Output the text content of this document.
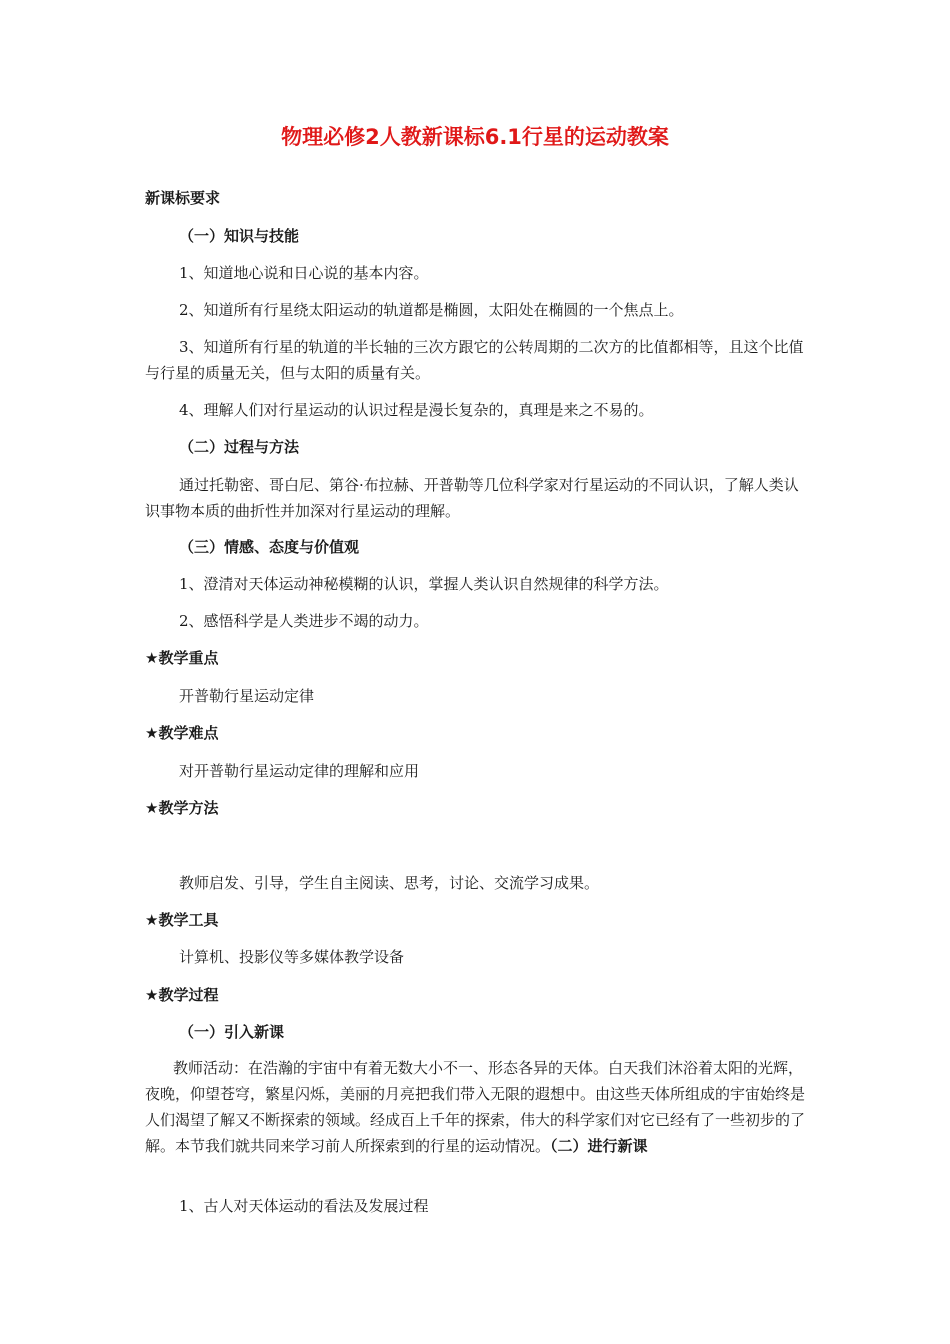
物理必修2人教新课标6.1行星的运动教案
新课标要求
（一）知识与技能
1、知道地心说和日心说的基本内容。
2、知道所有行星绕太阳运动的轨道都是椭圆，太阳处在椭圆的一个焦点上。
3、知道所有行星的轨道的半长轴的三次方跟它的公转周期的二次方的比值都相等，且这个比值与行星的质量无关，但与太阳的质量有关。
4、理解人们对行星运动的认识过程是漫长复杂的，真理是来之不易的。
（二）过程与方法
通过托勒密、哥白尼、第谷·布拉赫、开普勒等几位科学家对行星运动的不同认识，了解人类认识事物本质的曲折性并加深对行星运动的理解。
（三）情感、态度与价值观
1、澄清对天体运动神秘模糊的认识，掌握人类认识自然规律的科学方法。
2、感悟科学是人类进步不竭的动力。
★教学重点
开普勒行星运动定律
★教学难点
对开普勒行星运动定律的理解和应用
★教学方法
教师启发、引导，学生自主阅读、思考，讨论、交流学习成果。
★教学工具
计算机、投影仪等多媒体教学设备
★教学过程
（一）引入新课
教师活动：在浩瀚的宇宙中有着无数大小不一、形态各异的天体。白天我们沐浴着太阳的光辉，夜晚，仰望苍穹，繁星闪烁，美丽的月亮把我们带入无限的遐想中。由这些天体所组成的宇宙始终是人们渴望了解又不断探索的领域。经成百上千年的探索，伟大的科学家们对它已经有了一些初步的了解。本节我们就共同来学习前人所探索到的行星的运动情况。（二）进行新课
1、古人对天体运动的看法及发展过程
